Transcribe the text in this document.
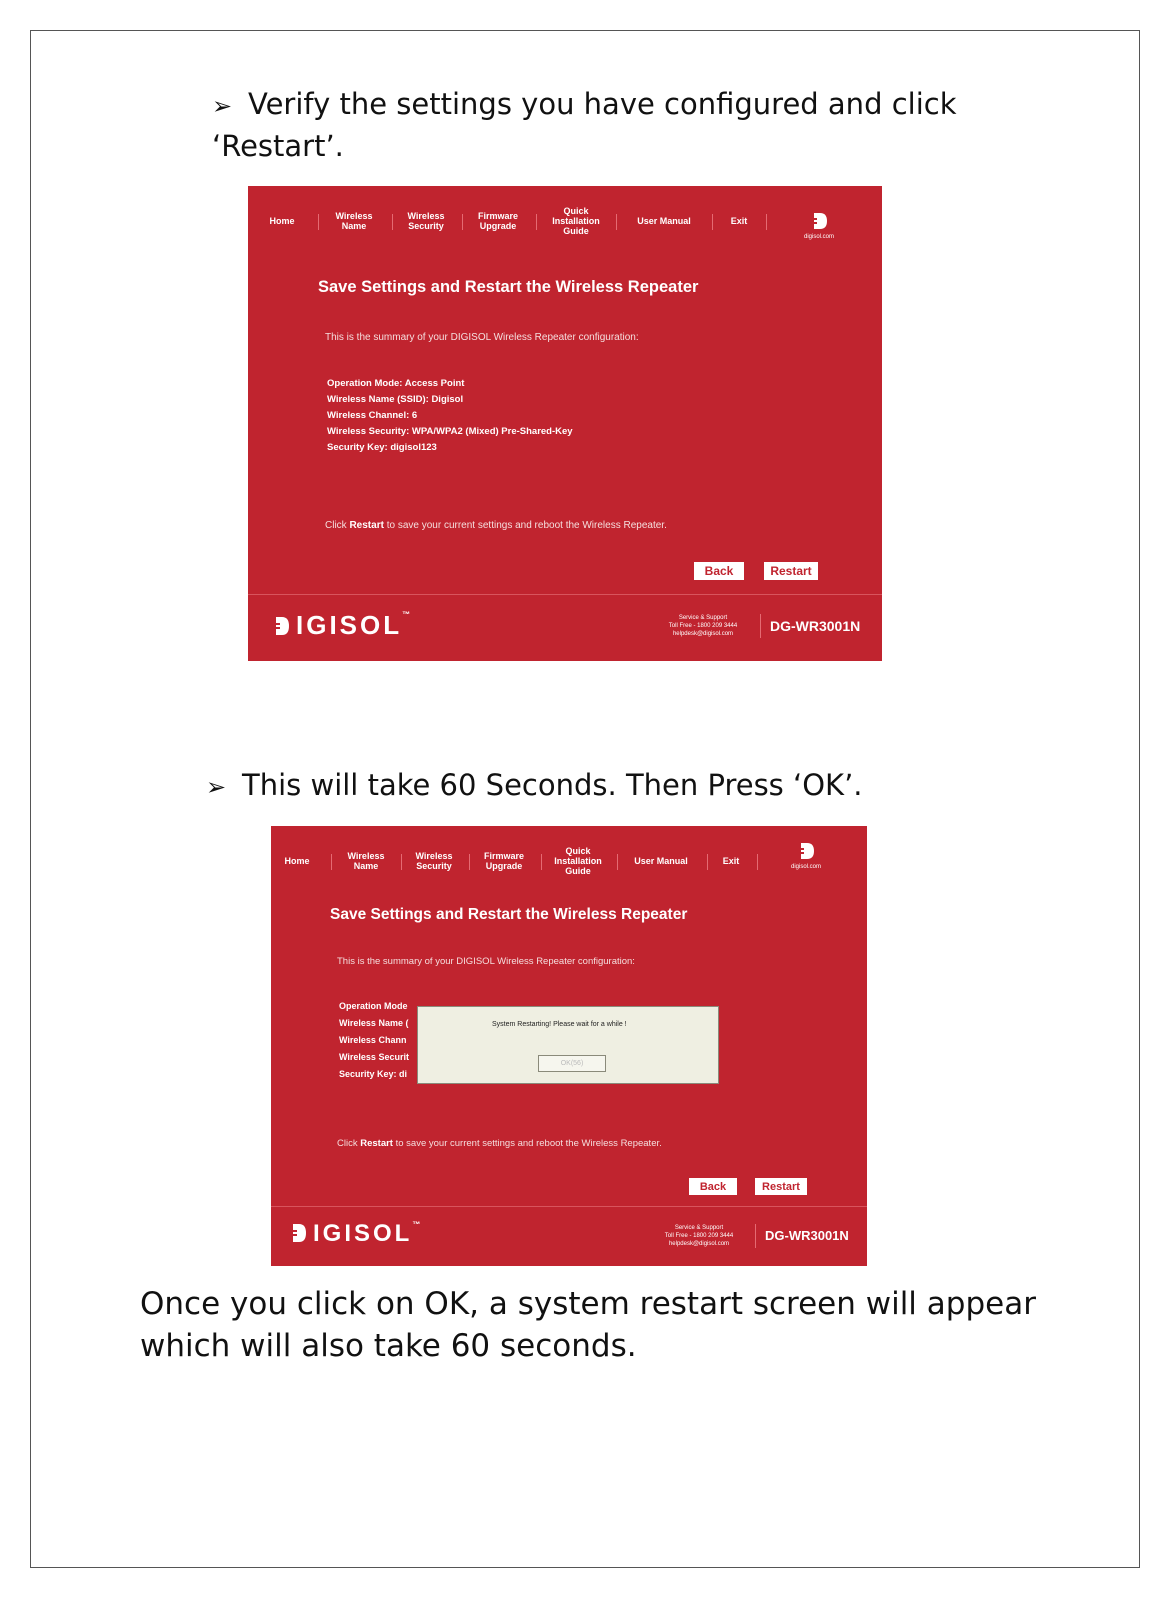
➢ Verify the settings you have configured and click ‘Restart’.
Home	Wireless Name
Wireless Security
Firmware Upgrade
Quick Installation Guide
User Manual	Exit
digisol.com
Save Settings and Restart the Wireless Repeater
This is the summary of your DIGISOL Wireless Repeater configuration:
Operation Mode: Access Point
Wireless Name (SSID): Digisol
Wireless Channel: 6
Wireless Security: WPA/WPA2 (Mixed) Pre-Shared-Key
Security Key: digisol123
Click Restart to save your current settings and reboot the Wireless Repeater.
Back	Restart
IGISOL™	Service & Support
Toll Free - 1800 209 3444
helpdesk@digisol.com	DG-WR3001N
➢ This will take 60 Seconds. Then Press ‘OK’.
Home	Wireless Name
Wireless Security
Firmware Upgrade
Quick Installation Guide
User Manual	Exit
digisol.com
Save Settings and Restart the Wireless Repeater
This is the summary of your DIGISOL Wireless Repeater configuration:
Operation Mode
Wireless Name (
Wireless Chann
Wireless Securit
Security Key: di
System Restarting! Please wait for a while !
OK(56)
Click Restart to save your current settings and reboot the Wireless Repeater.
Back	Restart
IGISOL™	Service & Support
Toll Free - 1800 209 3444
helpdesk@digisol.com
DG-WR3001N
Once you click on OK, a system restart screen will appear which will also take 60 seconds.
